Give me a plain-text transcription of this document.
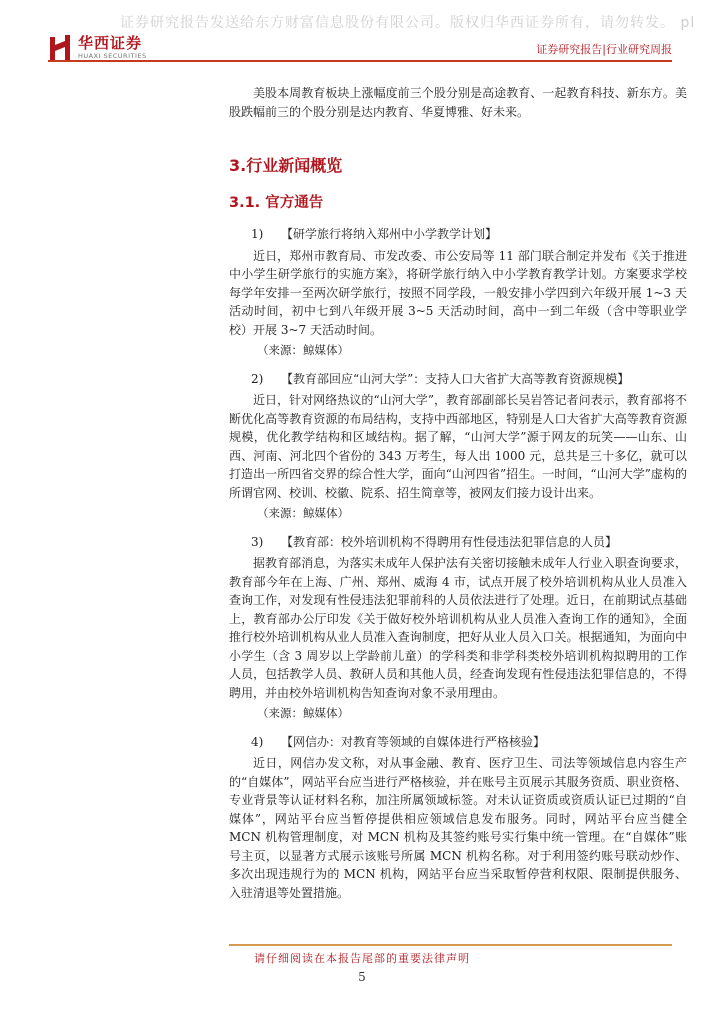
证券研究报告发送给东方财富信息股份有限公司。版权归华西证券所有，请勿转发。 pl
华西证券
HUAXI SECURITIES	证券研究报告|行业研究周报

美股本周教育板块上涨幅度前三个股分别是高途教育、一起教育科技、新东方。美股跌幅前三的个股分别是达内教育、华夏博雅、好未来。

3.行业新闻概览
3.1. 官方通告
1) 【研学旅行将纳入郑州中小学教学计划】

近日，郑州市教育局、市发改委、市公安局等 11 部门联合制定并发布《关于推进中小学生研学旅行的实施方案》，将研学旅行纳入中小学教育教学计划。方案要求学校每学年安排一至两次研学旅行，按照不同学段，一般安排小学四到六年级开展 1~3 天活动时间，初中七到八年级开展 3~5 天活动时间，高中一到二年级（含中等职业学校）开展 3~7 天活动时间。

（来源：鲸媒体）
2) 【教育部回应“山河大学”：支持人口大省扩大高等教育资源规模】

近日，针对网络热议的“山河大学”，教育部副部长吴岩答记者问表示，教育部将不断优化高等教育资源的布局结构，支持中西部地区，特别是人口大省扩大高等教育资源规模，优化教学结构和区域结构。据了解，“山河大学”源于网友的玩笑——山东、山西、河南、河北四个省份的 343 万考生，每人出 1000 元，总共是三十多亿，就可以打造出一所四省交界的综合性大学，面向“山河四省”招生。一时间，“山河大学”虚构的所谓官网、校训、校徽、院系、招生简章等，被网友们接力设计出来。

（来源：鲸媒体）
3) 【教育部：校外培训机构不得聘用有性侵违法犯罪信息的人员】

据教育部消息，为落实未成年人保护法有关密切接触未成年人行业入职查询要求，教育部今年在上海、广州、郑州、威海 4 市，试点开展了校外培训机构从业人员准入查询工作，对发现有性侵违法犯罪前科的人员依法进行了处理。近日，在前期试点基础上，教育部办公厅印发《关于做好校外培训机构从业人员准入查询工作的通知》，全面推行校外培训机构从业人员准入查询制度，把好从业人员入口关。根据通知，为面向中小学生（含 3 周岁以上学龄前儿童）的学科类和非学科类校外培训机构拟聘用的工作人员，包括教学人员、教研人员和其他人员，经查询发现有性侵违法犯罪信息的，不得聘用，并由校外培训机构告知查询对象不录用理由。

（来源：鲸媒体）
4) 【网信办：对教育等领域的自媒体进行严格核验】

近日，网信办发文称，对从事金融、教育、医疗卫生、司法等领域信息内容生产的“自媒体”，网站平台应当进行严格核验，并在账号主页展示其服务资质、职业资格、专业背景等认证材料名称，加注所属领域标签。对未认证资质或资质认证已过期的“自媒体”，网站平台应当暂停提供相应领域信息发布服务。同时，网站平台应当健全 MCN 机构管理制度，对 MCN 机构及其签约账号实行集中统一管理。在“自媒体”账号主页，以显著方式展示该账号所属 MCN 机构名称。对于利用签约账号联动炒作、多次出现违规行为的 MCN 机构，网站平台应当采取暂停营利权限、限制提供服务、入驻清退等处置措施。

请仔细阅读在本报告尾部的重要法律声明
5
